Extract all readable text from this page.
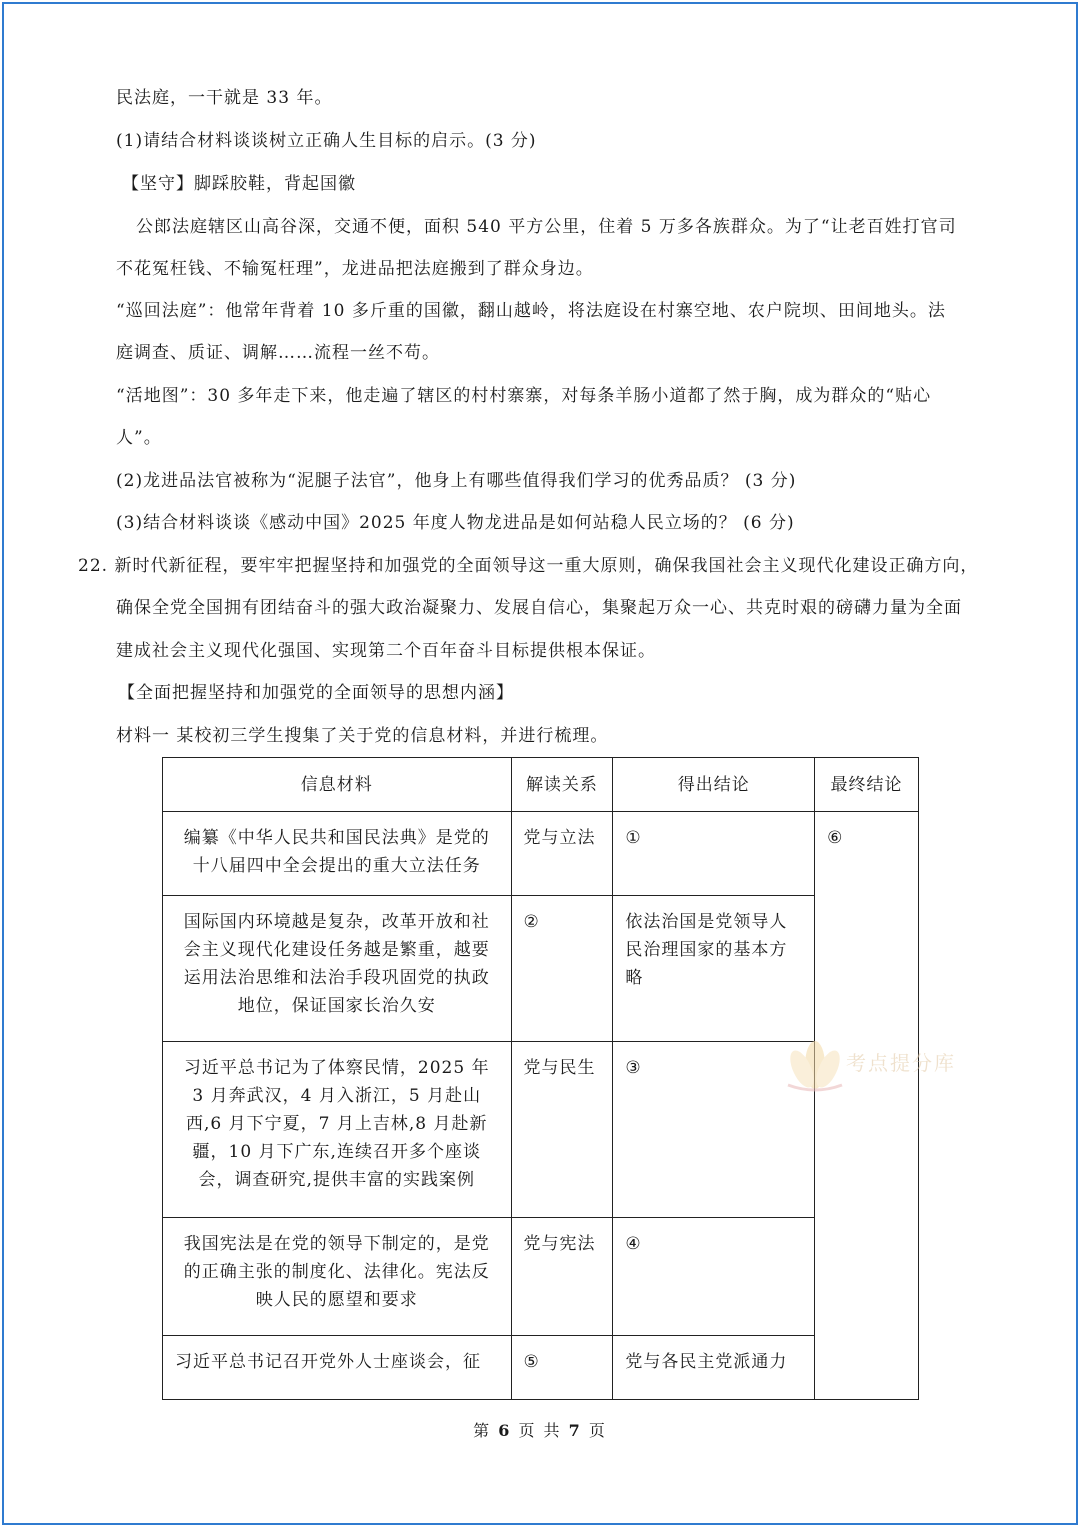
民法庭，一干就是 33 年。
(1)请结合材料谈谈树立正确人生目标的启示。(3 分)
【坚守】脚踩胶鞋，背起国徽
公郎法庭辖区山高谷深，交通不便，面积 540 平方公里，住着 5 万多各族群众。为了“让老百姓打官司
不花冤枉钱、不输冤枉理”，龙进品把法庭搬到了群众身边。
“巡回法庭”：他常年背着 10 多斤重的国徽，翻山越岭，将法庭设在村寨空地、农户院坝、田间地头。法
庭调查、质证、调解……流程一丝不苟。
“活地图”：30 多年走下来，他走遍了辖区的村村寨寨，对每条羊肠小道都了然于胸，成为群众的“贴心
人”。
(2)龙进品法官被称为“泥腿子法官”，他身上有哪些值得我们学习的优秀品质？ (3 分)
(3)结合材料谈谈《感动中国》2025 年度人物龙进品是如何站稳人民立场的？ (6 分)
22. 新时代新征程，要牢牢把握坚持和加强党的全面领导这一重大原则，确保我国社会主义现代化建设正确方向，
确保全党全国拥有团结奋斗的强大政治凝聚力、发展自信心，集聚起万众一心、共克时艰的磅礴力量为全面
建成社会主义现代化强国、实现第二个百年奋斗目标提供根本保证。
【全面把握坚持和加强党的全面领导的思想内涵】
材料一 某校初三学生搜集了关于党的信息材料，并进行梳理。
信息材料	解读关系	得出结论	最终结论
编纂《中华人民共和国民法典》是党的十八届四中全会提出的重大立法任务	党与立法	①	⑥
国际国内环境越是复杂，改革开放和社会主义现代化建设任务越是繁重，越要运用法治思维和法治手段巩固党的执政地位，保证国家长治久安	②	依法治国是党领导人民治理国家的基本方略	
习近平总书记为了体察民情，2025 年 3 月奔武汉，4 月入浙江，5 月赴山西,6 月下宁夏，7 月上吉林,8 月赴新疆，10 月下广东,连续召开多个座谈会，调查研究,提供丰富的实践案例	党与民生	③	
我国宪法是在党的领导下制定的，是党的正确主张的制度化、法律化。宪法反映人民的愿望和要求	党与宪法	④	
习近平总书记召开党外人士座谈会，征	⑤	党与各民主党派通力	
考点提分库
第 6 页 共 7 页
